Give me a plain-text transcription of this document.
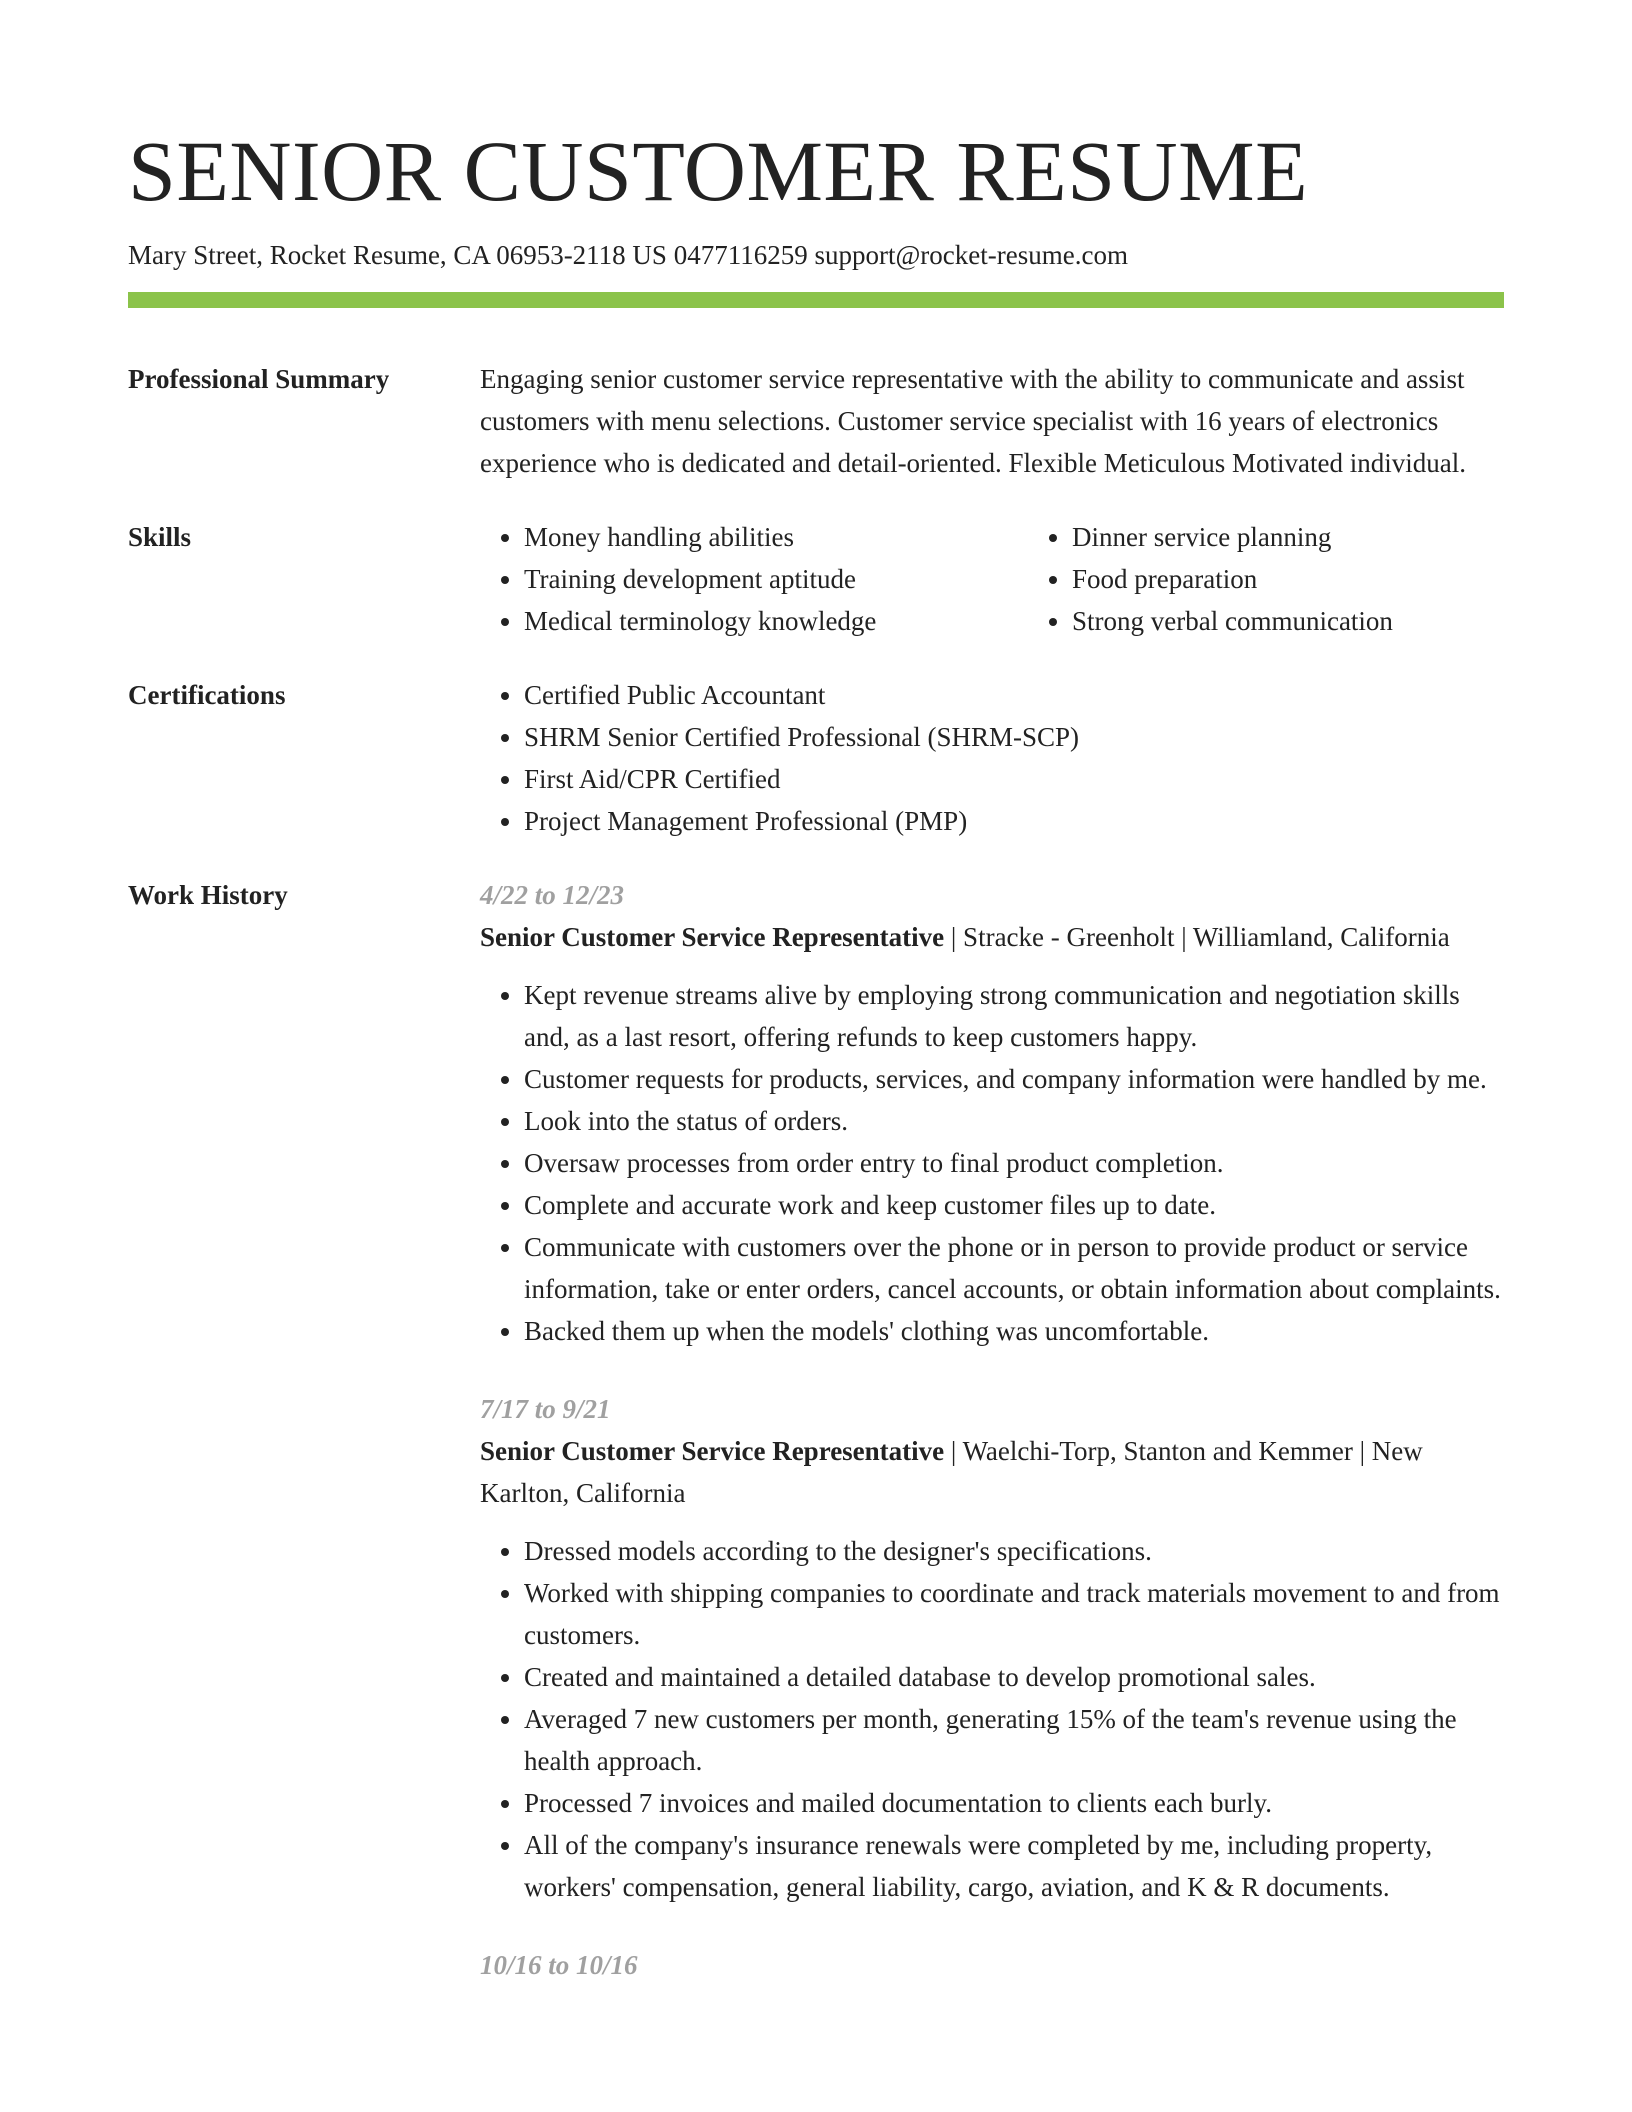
SENIOR CUSTOMER RESUME
Mary Street, Rocket Resume, CA 06953-2118 US 0477116259 support@rocket-resume.com
Professional Summary	Engaging senior customer service representative with the ability to communicate and assist customers with menu selections. Customer service specialist with 16 years of electronics experience who is dedicated and detail-oriented. Flexible Meticulous Motivated individual.
Skills	• Money handling abilities
• Training development aptitude
• Medical terminology knowledge
• Dinner service planning
• Food preparation
• Strong verbal communication
Certifications	• Certified Public Accountant
• SHRM Senior Certified Professional (SHRM-SCP)
• First Aid/CPR Certified
• Project Management Professional (PMP)
Work History	4/22 to 12/23
Senior Customer Service Representative | Stracke - Greenholt | Williamland, California
• Kept revenue streams alive by employing strong communication and negotiation skills and, as a last resort, offering refunds to keep customers happy.
• Customer requests for products, services, and company information were handled by me.
• Look into the status of orders.
• Oversaw processes from order entry to final product completion.
• Complete and accurate work and keep customer files up to date.
• Communicate with customers over the phone or in person to provide product or service information, take or enter orders, cancel accounts, or obtain information about complaints.
• Backed them up when the models' clothing was uncomfortable.
7/17 to 9/21
Senior Customer Service Representative | Waelchi-Torp, Stanton and Kemmer | New Karlton, California
• Dressed models according to the designer's specifications.
• Worked with shipping companies to coordinate and track materials movement to and from customers.
• Created and maintained a detailed database to develop promotional sales.
• Averaged 7 new customers per month, generating 15% of the team's revenue using the health approach.
• Processed 7 invoices and mailed documentation to clients each burly.
• All of the company's insurance renewals were completed by me, including property, workers' compensation, general liability, cargo, aviation, and K & R documents.
10/16 to 10/16
